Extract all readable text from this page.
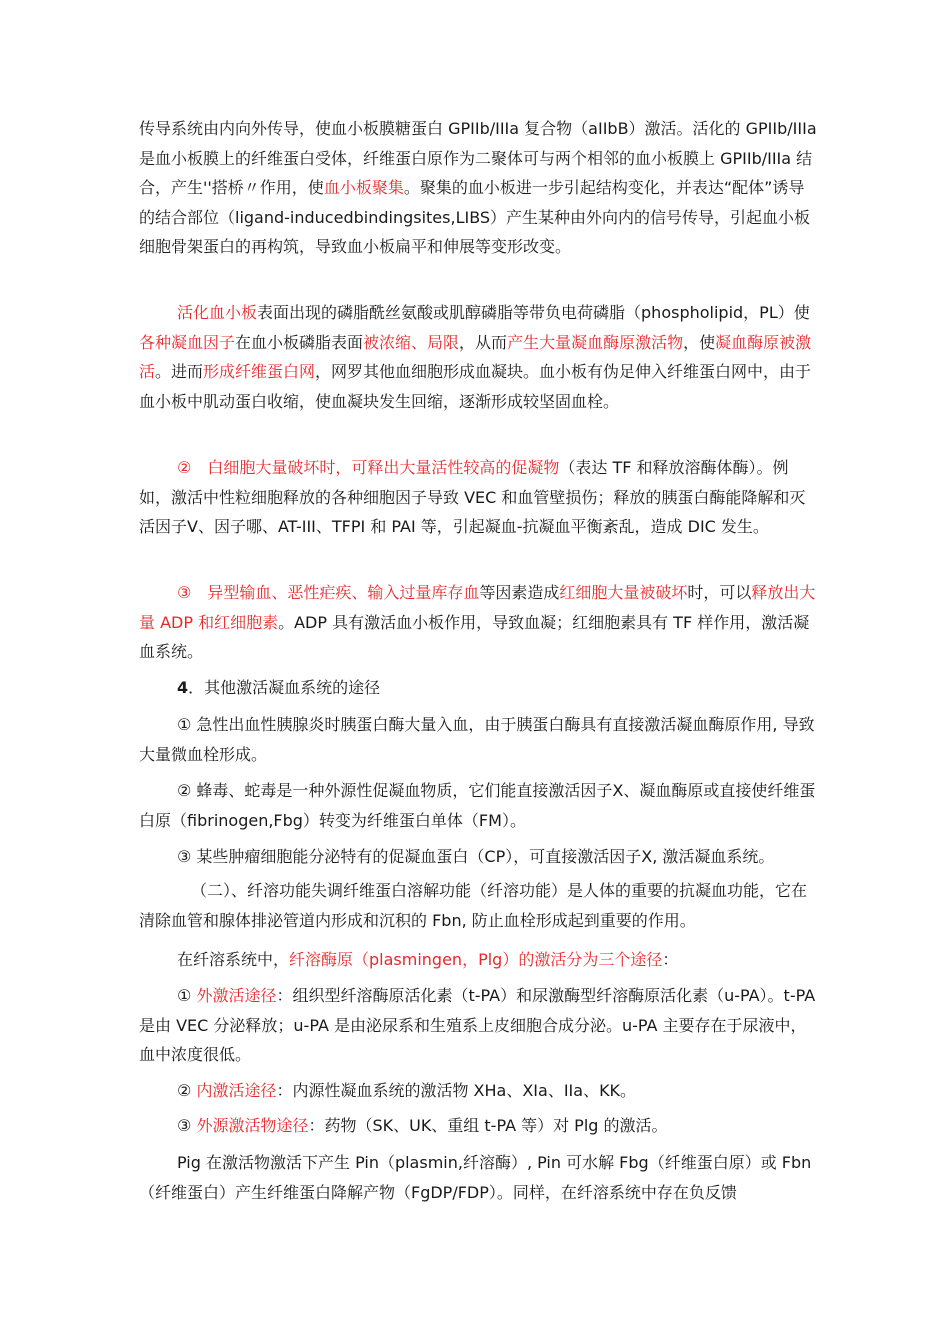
传导系统由内向外传导，使血小板膜糖蛋白 GPIIb/IIIa 复合物（aIIbB）激活。活化的 GPIIb/IIIa 是血小板膜上的纤维蛋白受体，纤维蛋白原作为二聚体可与两个相邻的血小板膜上 GPIIb/IIIa 结合，产生''搭桥〃作用，使血小板聚集。聚集的血小板进一步引起结构变化，并表达“配体”诱导的结合部位（ligand-inducedbindingsites,LIBS）产生某种由外向内的信号传导，引起血小板细胞骨架蛋白的再构筑，导致血小板扁平和伸展等变形改变。
活化血小板表面出现的磷脂酰丝氨酸或肌醇磷脂等带负电荷磷脂（phospholipid，PL）使各种凝血因子在血小板磷脂表面被浓缩、局限，从而产生大量凝血酶原激活物，使凝血酶原被激活。进而形成纤维蛋白网，网罗其他血细胞形成血凝块。血小板有伪足伸入纤维蛋白网中，由于血小板中肌动蛋白收缩，使血凝块发生回缩，逐渐形成较坚固血栓。
②　白细胞大量破坏时，可释出大量活性较高的促凝物（表达 TF 和释放溶酶体酶）。例如，激活中性粒细胞释放的各种细胞因子导致 VEC 和血管壁损伤；释放的胰蛋白酶能降解和灭活因子Ⅴ、因子哪、AT-III、TFPI 和 PAI 等，引起凝血-抗凝血平衡紊乱，造成 DIC 发生。
③　异型输血、恶性疟疾、输入过量库存血等因素造成红细胞大量被破坏时，可以释放出大量 ADP 和红细胞素。ADP 具有激活血小板作用，导致血凝；红细胞素具有 TF 样作用，激活凝血系统。
4．其他激活凝血系统的途径
① 急性出血性胰腺炎时胰蛋白酶大量入血，由于胰蛋白酶具有直接激活凝血酶原作用, 导致大量微血栓形成。
② 蜂毒、蛇毒是一种外源性促凝血物质，它们能直接激活因子Ⅹ、凝血酶原或直接使纤维蛋白原（fibrinogen,Fbg）转变为纤维蛋白单体（FM）。
③ 某些肿瘤细胞能分泌特有的促凝血蛋白（CP），可直接激活因子Ⅹ, 激活凝血系统。
（二）、纤溶功能失调纤维蛋白溶解功能（纤溶功能）是人体的重要的抗凝血功能，它在清除血管和腺体排泌管道内形成和沉积的 Fbn, 防止血栓形成起到重要的作用。
在纤溶系统中，纤溶酶原（plasmingen，Plg）的激活分为三个途径：
① 外激活途径：组织型纤溶酶原活化素（t-PA）和尿激酶型纤溶酶原活化素（u-PA）。t-PA 是由 VEC 分泌释放；u-PA 是由泌尿系和生殖系上皮细胞合成分泌。u-PA 主要存在于尿液中，血中浓度很低。
② 内激活途径：内源性凝血系统的激活物 XHa、XIa、IIa、KK。
③ 外源激活物途径：药物（SK、UK、重组 t-PA 等）对 Plg 的激活。
Pig 在激活物激活下产生 Pin（plasmin,纤溶酶）, Pin 可水解 Fbg（纤维蛋白原）或 Fbn（纤维蛋白）产生纤维蛋白降解产物（FgDP/FDP）。同样，在纤溶系统中存在负反馈
